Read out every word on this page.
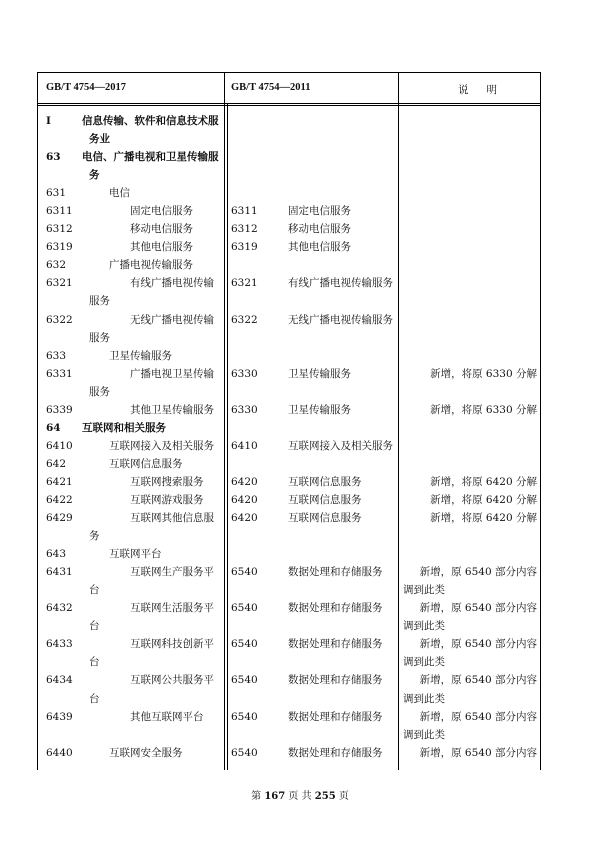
GB/T 4754—2017	GB/T 4754—2011	说明
I	信息传输、软件和信息技术服
务业
63 电信、广播电视和卫星传输服
务
631	电信
6311	固定电信服务	6311	固定电信服务
6312	移动电信服务	6312	移动电信服务
6319	其他电信服务	6319	其他电信服务
632	广播电视传输服务
6321	有线广播电视传输 6321	有线广播电视传输服务
服务
6322	无线广播电视传输 6322	无线广播电视传输服务
服务
633	卫星传输服务
6331	广播电视卫星传输 6330	卫星传输服务	新增，将原 6330 分解
服务
6339	其他卫星传输服务 6330	卫星传输服务	新增，将原 6330 分解
64 互联网和相关服务
6410	互联网接入及相关服务 6410	互联网接入及相关服务
642	互联网信息服务
6421	互联网搜索服务	6420	互联网信息服务	新增，将原 6420 分解
6422	互联网游戏服务	6420	互联网信息服务	新增，将原 6420 分解
6429	互联网其他信息服 6420	互联网信息服务	新增，将原 6420 分解
务
643	互联网平台
6431	互联网生产服务平 6540	数据处理和存储服务	新增，原 6540 部分内容
台	调到此类
6432	互联网生活服务平 6540	数据处理和存储服务	新增，原 6540 部分内容
台	调到此类
6433	互联网科技创新平 6540	数据处理和存储服务	新增，原 6540 部分内容
台	调到此类
6434	互联网公共服务平 6540	数据处理和存储服务	新增，原 6540 部分内容
台	调到此类
6439	其他互联网平台	6540	数据处理和存储服务	新增，原 6540 部分内容
调到此类
6440	互联网安全服务	6540	数据处理和存储服务	新增，原 6540 部分内容
第 167 页 共 255 页
